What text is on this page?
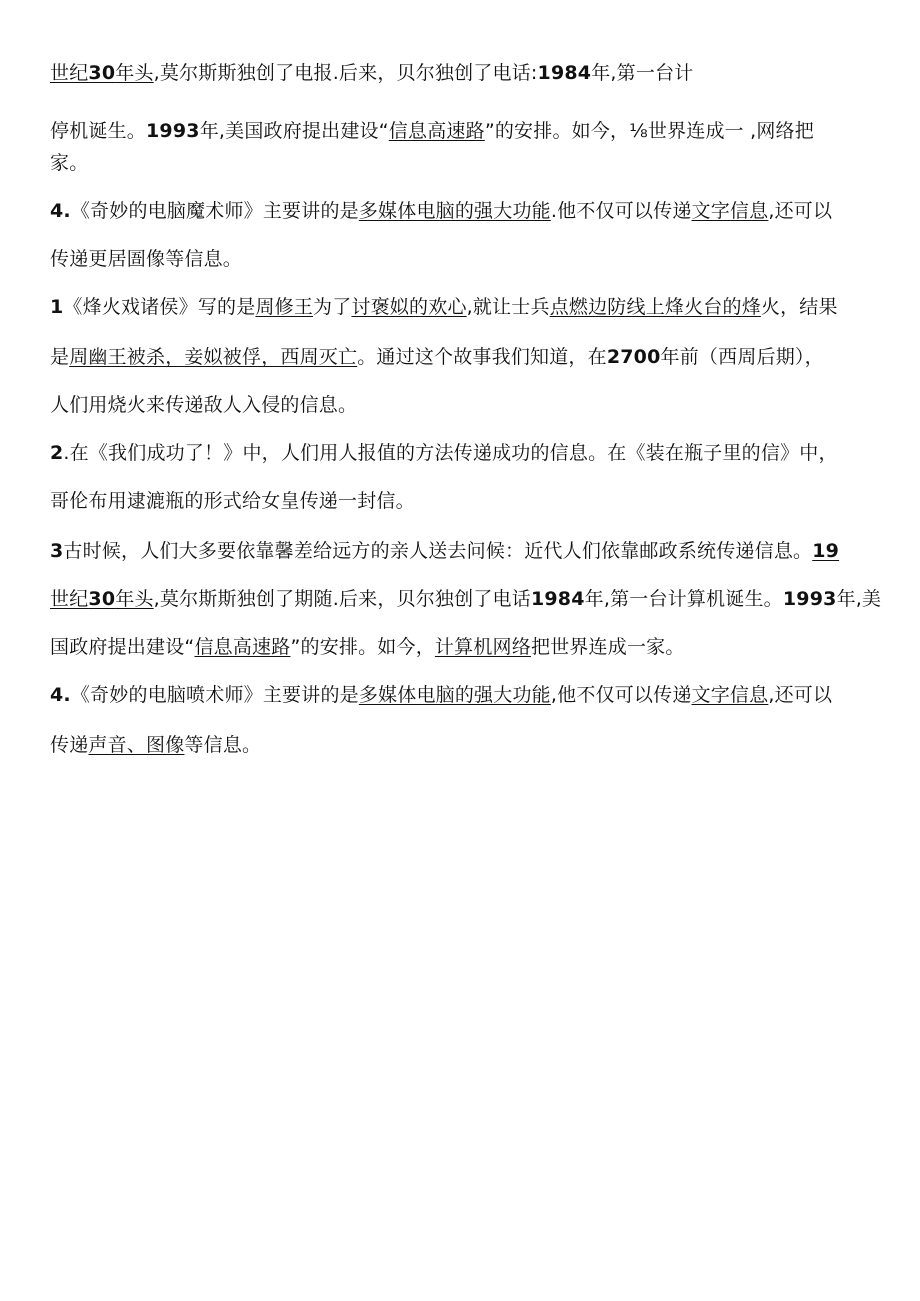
世纪30年头,莫尔斯斯独创了电报.后来，贝尔独创了电话:1984年,第一台计
停机诞生。1993年,美国政府提出建设“信息高速路”的安排。如今，⅛世界连成一 ,网络把
家。
4.《奇妙的电脑魔术师》主要讲的是多媒体电脑的强大功能.他不仅可以传递文字信息,还可以
传递更居圄像等信息。
1《烽火戏诸侯》写的是周修王为了讨褒姒的欢心,就让士兵点燃边防线上烽火台的烽火，结果
是周幽王被杀，妾姒被俘，西周灭亡。通过这个故事我们知道，在2700年前（西周后期），
人们用烧火来传递敌人入侵的信息。
2.在《我们成功了！》中，人们用人报值的方法传递成功的信息。在《装在瓶子里的信》中，
哥伦布用逮漉瓶的形式给女皇传递一封信。
3古时候，人们大多要依靠馨差给远方的亲人送去问候：近代人们依靠邮政系统传递信息。19
世纪30年头,莫尔斯斯独创了期随.后来，贝尔独创了电话1984年,第一台计算机诞生。1993年,美
国政府提出建设“信息高速路”的安排。如今，计算机网络把世界连成一家。
4.《奇妙的电脑喷术师》主要讲的是多媒体电脑的强大功能,他不仅可以传递文字信息,还可以
传递声音、图像等信息。
